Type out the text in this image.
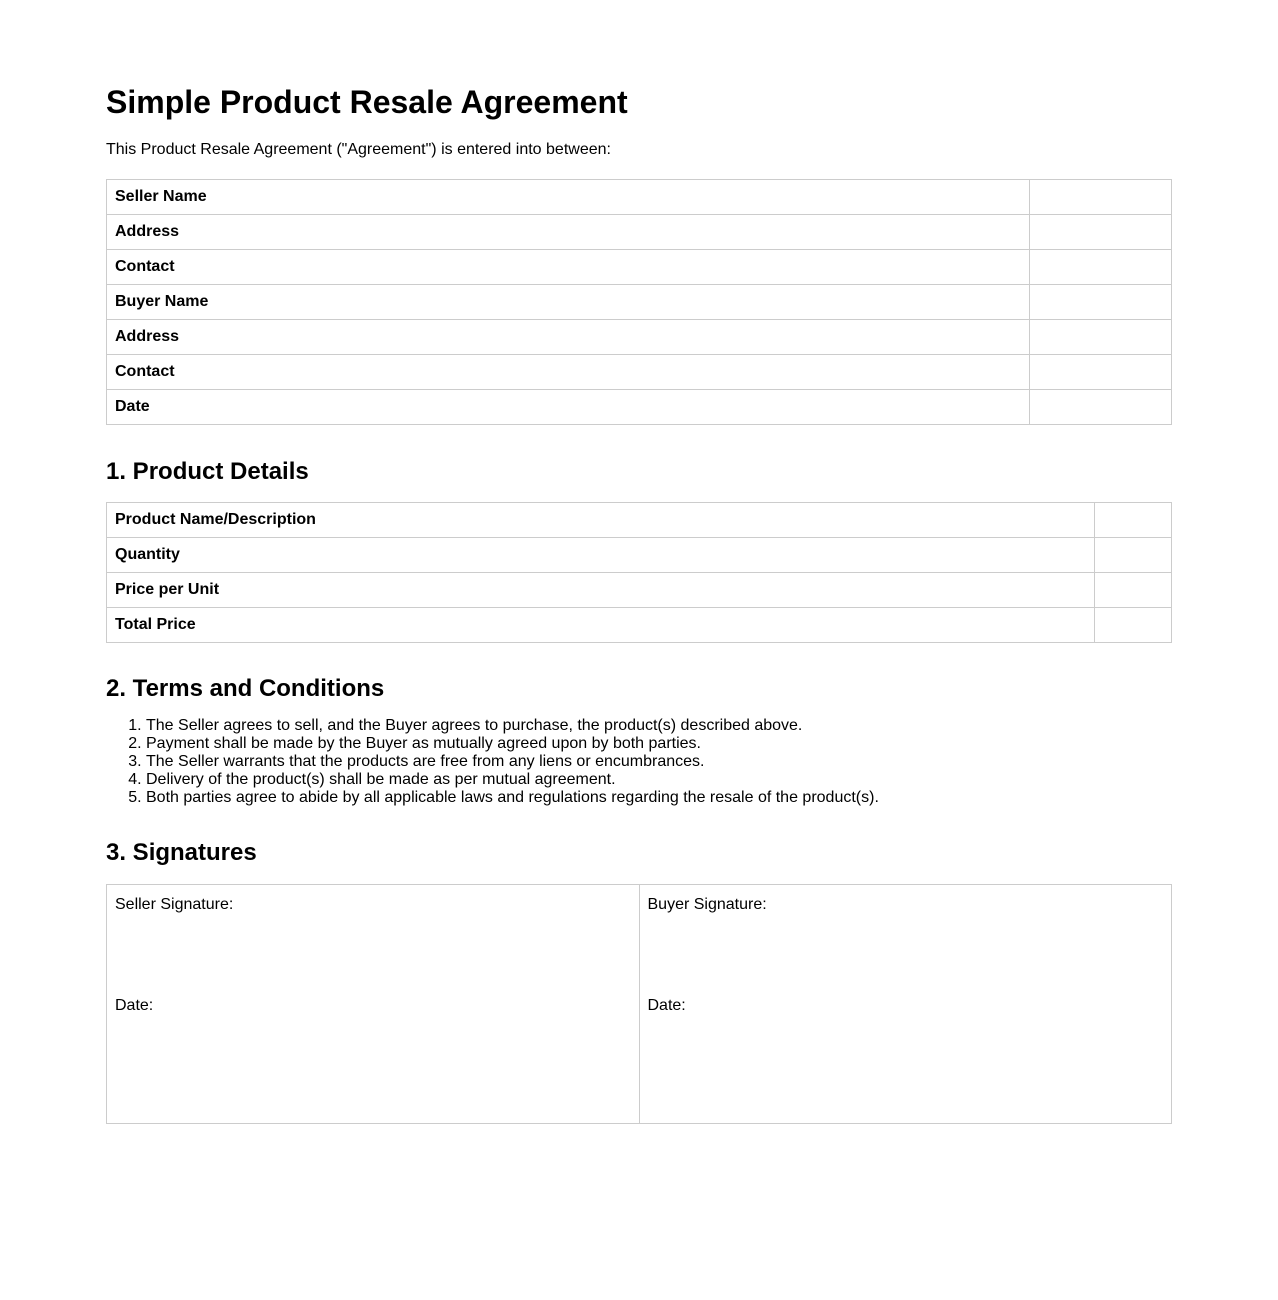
Simple Product Resale Agreement

This Product Resale Agreement ("Agreement") is entered into between:

Seller Name	
Address	
Contact	
Buyer Name	
Address	
Contact	
Date	
1. Product Details
Product Name/Description	
Quantity	
Price per Unit	
Total Price	
2. Terms and Conditions
1. The Seller agrees to sell, and the Buyer agrees to purchase, the product(s) described above.
2. Payment shall be made by the Buyer as mutually agreed upon by both parties.
3. The Seller warrants that the products are free from any liens or encumbrances.
4. Delivery of the product(s) shall be made as per mutual agreement.
5. Both parties agree to abide by all applicable laws and regulations regarding the resale of the product(s).
3. Signatures
Seller Signature:
Date:

Buyer Signature:
Date:
